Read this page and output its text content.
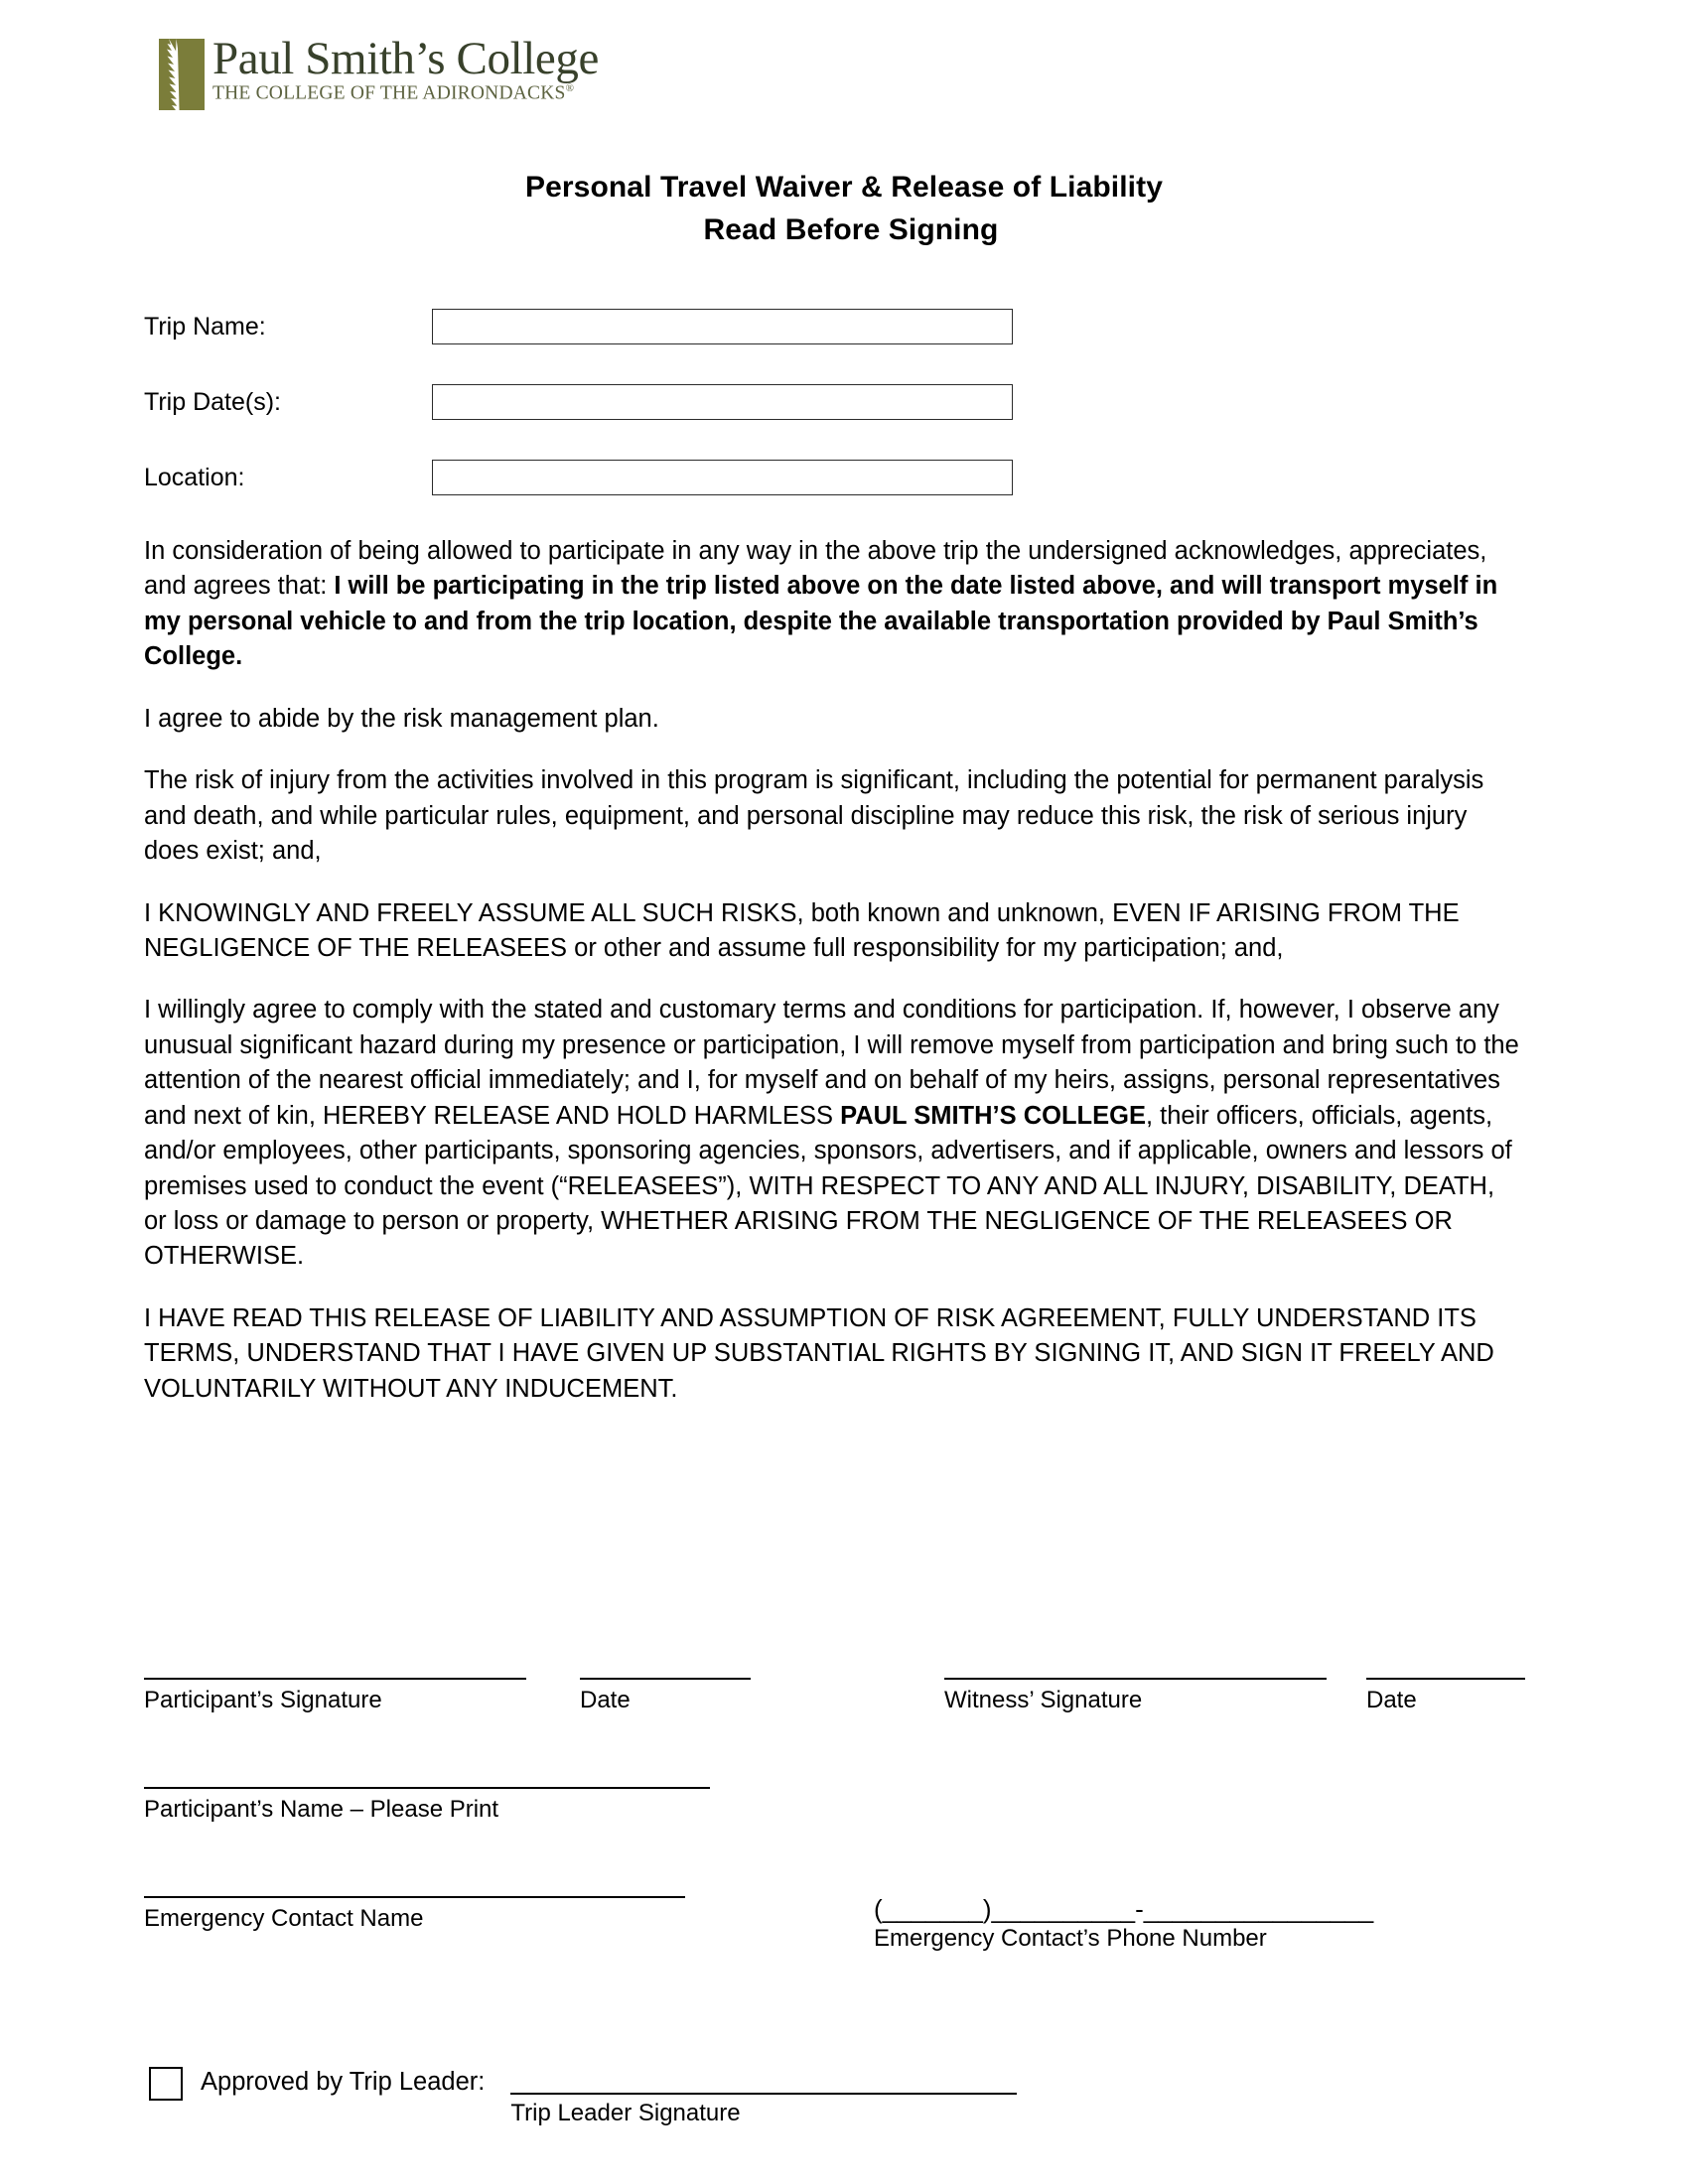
Paul Smith’s College
THE COLLEGE OF THE ADIRONDACKS®
Personal Travel Waiver & Release of Liability
Read Before Signing
Trip Name:
Trip Date(s):
Location:

In consideration of being allowed to participate in any way in the above trip the undersigned acknowledges, appreciates, and agrees that: I will be participating in the trip listed above on the date listed above, and will transport myself in my personal vehicle to and from the trip location, despite the available transportation provided by Paul Smith’s College.

I agree to abide by the risk management plan.

The risk of injury from the activities involved in this program is significant, including the potential for permanent paralysis and death, and while particular rules, equipment, and personal discipline may reduce this risk, the risk of serious injury does exist; and,

I KNOWINGLY AND FREELY ASSUME ALL SUCH RISKS, both known and unknown, EVEN IF ARISING FROM THE NEGLIGENCE OF THE RELEASEES or other and assume full responsibility for my participation; and,

I willingly agree to comply with the stated and customary terms and conditions for participation. If, however, I observe any unusual significant hazard during my presence or participation, I will remove myself from participation and bring such to the attention of the nearest official immediately; and I, for myself and on behalf of my heirs, assigns, personal representatives and next of kin, HEREBY RELEASE AND HOLD HARMLESS PAUL SMITH’S COLLEGE, their officers, officials, agents, and/or employees, other participants, sponsoring agencies, sponsors, advertisers, and if applicable, owners and lessors of premises used to conduct the event (“RELEASEES”), WITH RESPECT TO ANY AND ALL INJURY, DISABILITY, DEATH, or loss or damage to person or property, WHETHER ARISING FROM THE NEGLIGENCE OF THE RELEASEES OR OTHERWISE.

I HAVE READ THIS RELEASE OF LIABILITY AND ASSUMPTION OF RISK AGREEMENT, FULLY UNDERSTAND ITS TERMS, UNDERSTAND THAT I HAVE GIVEN UP SUBSTANTIAL RIGHTS BY SIGNING IT, AND SIGN IT FREELY AND VOLUNTARILY WITHOUT ANY INDUCEMENT.

Participant’s Signature	Date	Witness’ Signature	Date
Participant’s Name – Please Print
Emergency Contact Name	(_______)__________-________________
Emergency Contact’s Phone Number
Approved by Trip Leader:
Trip Leader Signature
